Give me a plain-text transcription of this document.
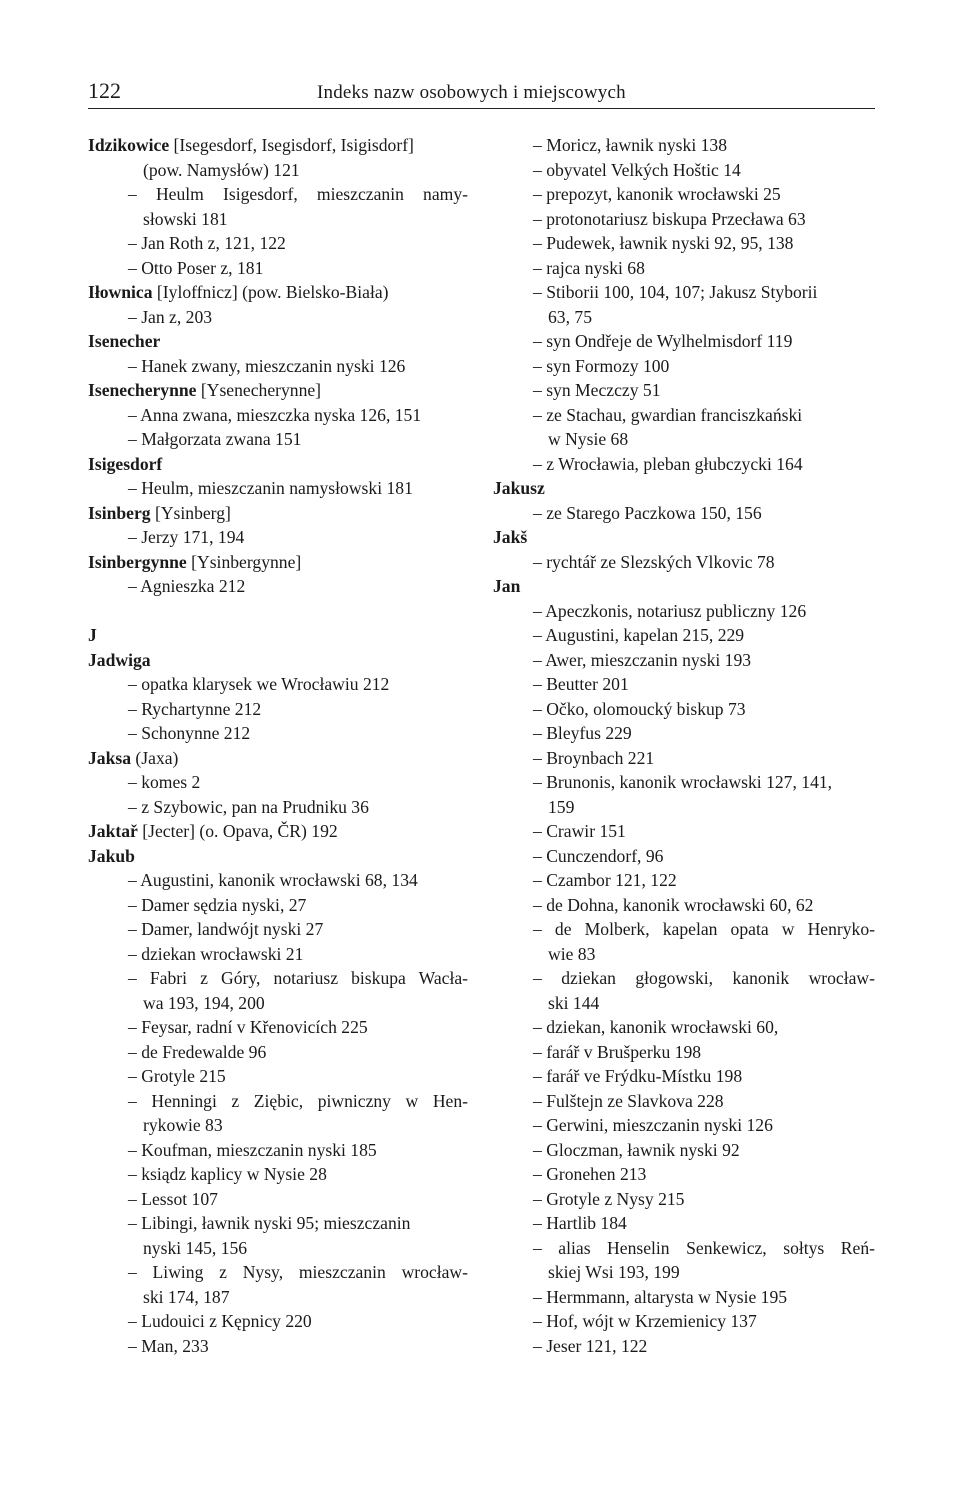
122	Indeks nazw osobowych i miejscowych
Idzikowice [Isegesdorf, Isegisdorf, Isigisdorf]
(pow. Namysłów) 121
– Heulm Isigesdorf, mieszczanin namy-
słowski 181
– Jan Roth z, 121, 122
– Otto Poser z, 181
Iłownica [Iyloffnicz] (pow. Bielsko-Biała)
– Jan z, 203
Isenecher
– Hanek zwany, mieszczanin nyski 126
Isenecherynne [Ysenecherynne]
– Anna zwana, mieszczka nyska 126, 151
– Małgorzata zwana 151
Isigesdorf
– Heulm, mieszczanin namysłowski 181
Isinberg [Ysinberg]
– Jerzy 171, 194
Isinbergynne [Ysinbergynne]
– Agnieszka 212
J
Jadwiga
– opatka klarysek we Wrocławiu 212
– Rychartynne 212
– Schonynne 212
Jaksa (Jaxa)
– komes 2
– z Szybowic, pan na Prudniku 36
Jaktař [Jecter] (o. Opava, ČR) 192
Jakub
– Augustini, kanonik wrocławski 68, 134
– Damer sędzia nyski, 27
– Damer, landwójt nyski 27
– dziekan wrocławski 21
– Fabri z Góry, notariusz biskupa Wacła-
wa 193, 194, 200
– Feysar, radní v Křenovicích 225
– de Fredewalde 96
– Grotyle 215
– Henningi z Ziębic, piwniczny w Hen-
rykowie 83
– Koufman, mieszczanin nyski 185
– ksiądz kaplicy w Nysie 28
– Lessot 107
– Libingi, ławnik nyski 95; mieszczanin
nyski 145, 156
– Liwing z Nysy, mieszczanin wrocław-
ski 174, 187
– Ludouici z Kępnicy 220
– Man, 233
– Moricz, ławnik nyski 138
– obyvatel Velkých Hoštic 14
– prepozyt, kanonik wrocławski 25
– protonotariusz biskupa Przecława 63
– Pudewek, ławnik nyski 92, 95, 138
– rajca nyski 68
– Stiborii 100, 104, 107; Jakusz Styborii
63, 75
– syn Ondřeje de Wylhelmisdorf 119
– syn Formozy 100
– syn Meczczy 51
– ze Stachau, gwardian franciszkański
w Nysie 68
– z Wrocławia, pleban głubczycki 164
Jakusz
– ze Starego Paczkowa 150, 156
Jakš
– rychtář ze Slezských Vlkovic 78
Jan
– Apeczkonis, notariusz publiczny 126
– Augustini, kapelan 215, 229
– Awer, mieszczanin nyski 193
– Beutter 201
– Očko, olomoucký biskup 73
– Bleyfus 229
– Broynbach 221
– Brunonis, kanonik wrocławski 127, 141,
159
– Crawir 151
– Cunczendorf, 96
– Czambor 121, 122
– de Dohna, kanonik wrocławski 60, 62
– de Molberk, kapelan opata w Henryko-
wie 83
– dziekan głogowski, kanonik wrocław-
ski 144
– dziekan, kanonik wrocławski 60,
– farář v Brušperku 198
– farář ve Frýdku-Místku 198
– Fulštejn ze Slavkova 228
– Gerwini, mieszczanin nyski 126
– Gloczman, ławnik nyski 92
– Gronehen 213
– Grotyle z Nysy 215
– Hartlib 184
– alias Henselin Senkewicz, sołtys Reń-
skiej Wsi 193, 199
– Hermmann, altarysta w Nysie 195
– Hof, wójt w Krzemienicy 137
– Jeser 121, 122
